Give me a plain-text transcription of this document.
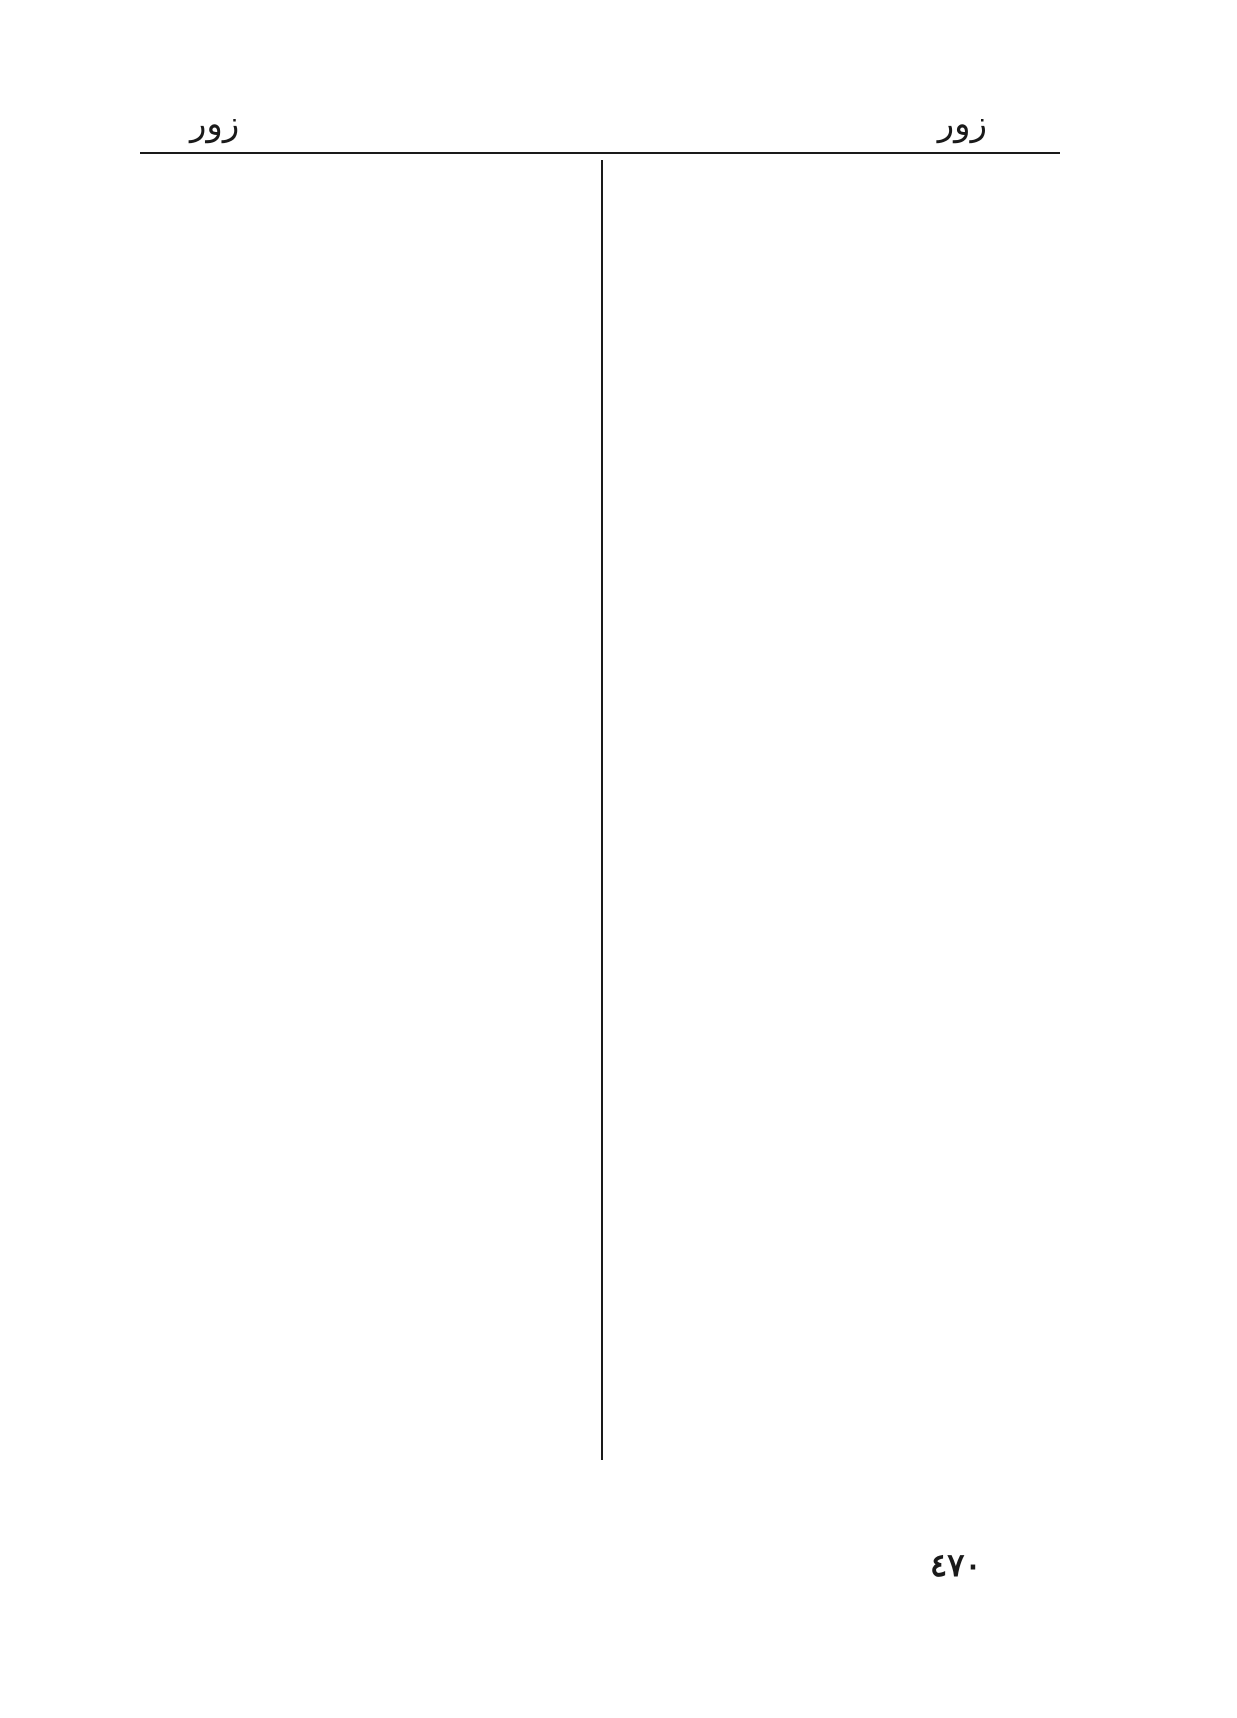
زور
زور
٤٧٠
